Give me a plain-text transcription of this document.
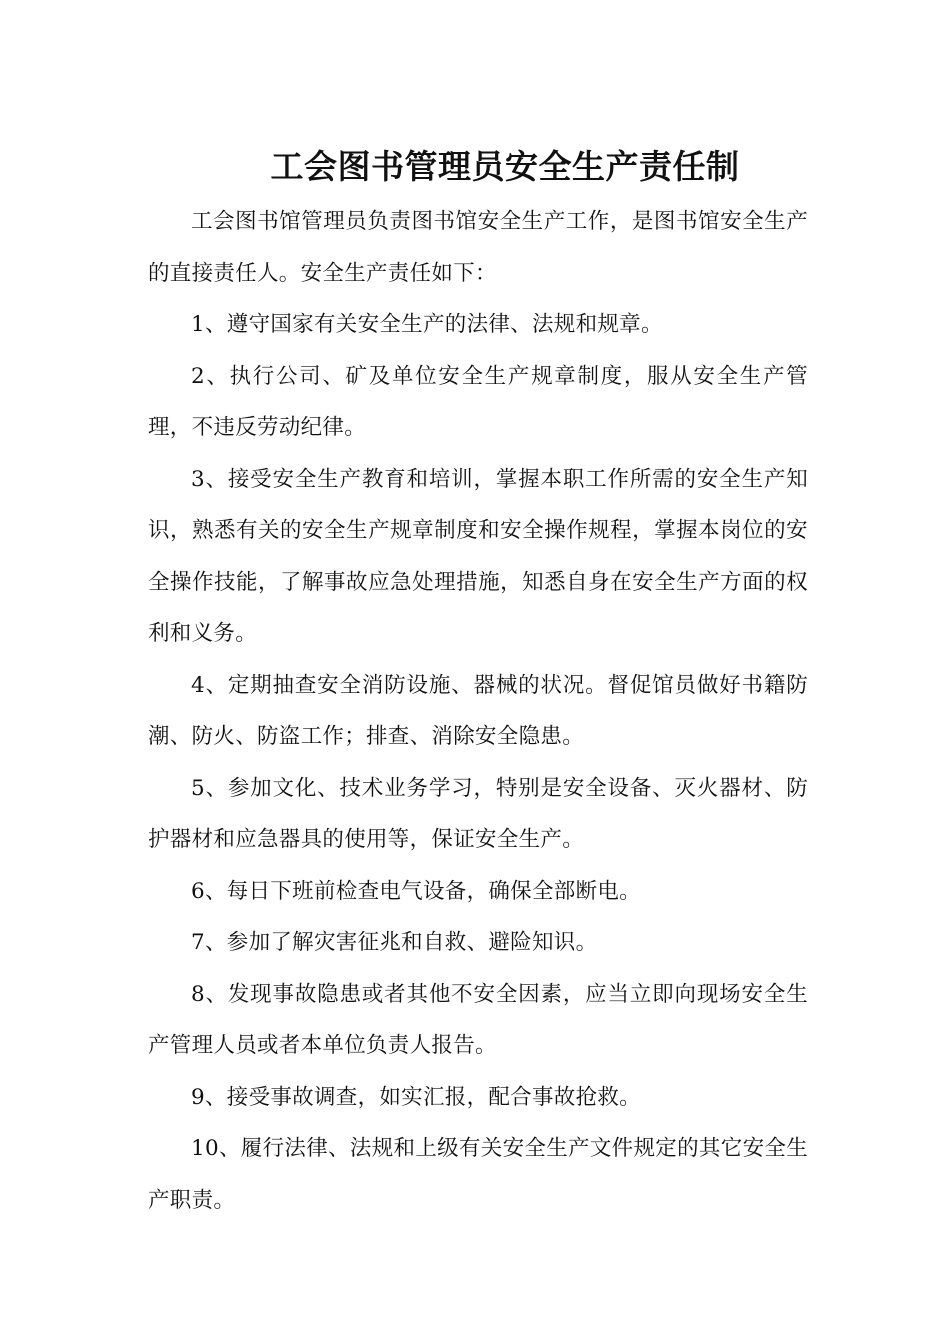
工会图书管理员安全生产责任制

工会图书馆管理员负责图书馆安全生产工作，是图书馆安全生产的直接责任人。安全生产责任如下：

1、遵守国家有关安全生产的法律、法规和规章。

2、执行公司、矿及单位安全生产规章制度，服从安全生产管理，不违反劳动纪律。

3、接受安全生产教育和培训，掌握本职工作所需的安全生产知识，熟悉有关的安全生产规章制度和安全操作规程，掌握本岗位的安全操作技能，了解事故应急处理措施，知悉自身在安全生产方面的权利和义务。

4、定期抽查安全消防设施、器械的状况。督促馆员做好书籍防潮、防火、防盗工作；排查、消除安全隐患。

5、参加文化、技术业务学习，特别是安全设备、灭火器材、防护器材和应急器具的使用等，保证安全生产。

6、每日下班前检查电气设备，确保全部断电。

7、参加了解灾害征兆和自救、避险知识。

8、发现事故隐患或者其他不安全因素，应当立即向现场安全生产管理人员或者本单位负责人报告。

9、接受事故调查，如实汇报，配合事故抢救。

10、履行法律、法规和上级有关安全生产文件规定的其它安全生产职责。
